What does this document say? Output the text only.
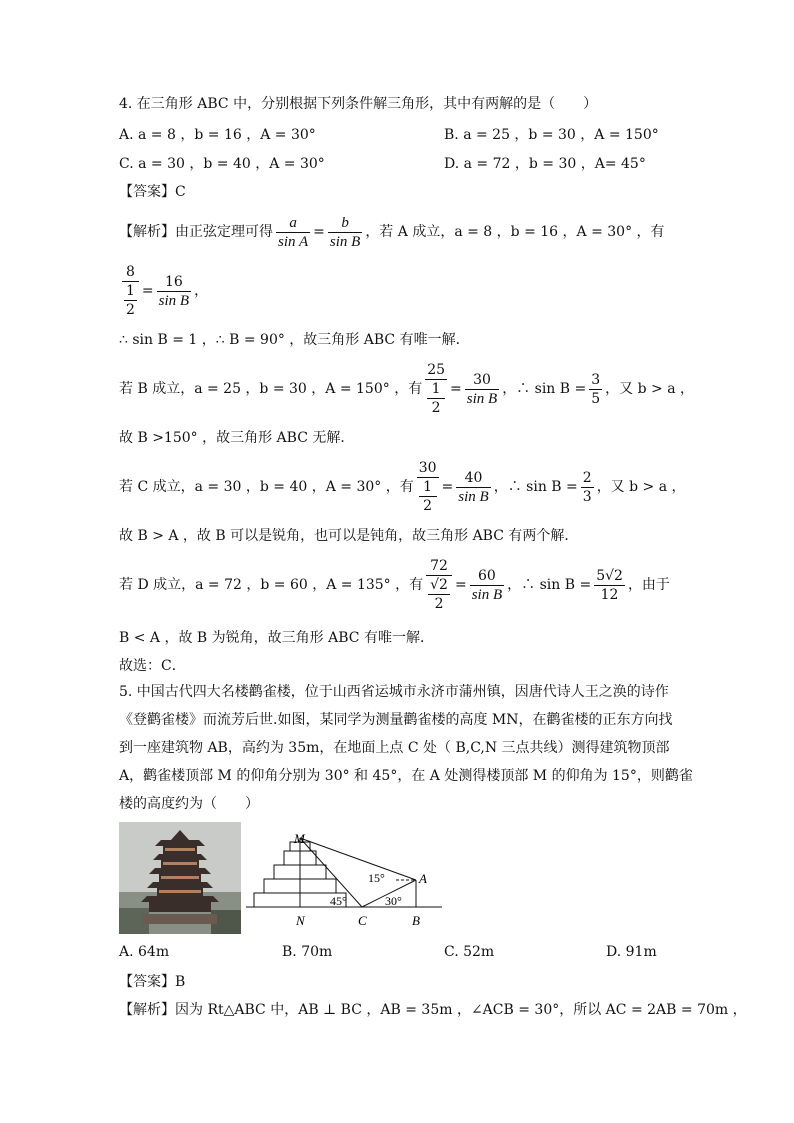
4. 在三角形 ABC 中，分别根据下列条件解三角形，其中有两解的是（　　）
A. a = 8 ，b = 16 ，A = 30°	B. a = 25 ，b = 30 ，A = 150°
C. a = 30 ，b = 40 ，A = 30°	D. a = 72 ，b = 30 ，A= 45°
【答案】C
【解析】 由正弦定理可得 $\frac{a}{\text{sin A}} = \frac{b}{\text{sin B}}$ ，若 A 成立，a = 8 ，b = 16 ，A = 30° ，有
8
1
$2 = \frac{16}{\text{sin B}}$ ，
∴ sin B = 1 ，∴ B = 90° ，故三角形 ABC 有唯一解．
若 B 成立，a = 25 ，b = 30 ，A = 150° ，有 25
1
$2 = \frac{30}{\text{sin B}}$ ，∴ $\sin B = \frac{3}{5}$ ，又 b > a ，
故 B >150° ，故三角形 ABC 无解．
若 C 成立，a = 30 ，b = 40 ，A = 30° ，有 30
1
$2 = \frac{40}{\text{sin B}}$ ，∴ $\sin B = \frac{2}{3}$ ，又 b > a ，
故 B > A ，故 B 可以是锐角，也可以是钝角，故三角形 ABC 有两个解．
若 D 成立，a = 72 ，b = 60 ，A = 135° ，有 72
√2
$2 = \frac{60}{\text{sin B}}$ ，∴ $\sin B = \frac{5√2}{12}$ ，由于
B < A ，故 B 为锐角，故三角形 ABC 有唯一解．
故选：C．
5. 中国古代四大名楼鹳雀楼，位于山西省运城市永济市蒲州镇，因唐代诗人王之涣的诗作
《登鹳雀楼》而流芳后世.如图，某同学为测量鹳雀楼的高度 MN，在鹳雀楼的正东方向找
到一座建筑物 AB，高约为 35m，在地面上点 C 处（ B,C,N 三点共线）测得建筑物顶部
A，鹳雀楼顶部 M 的仰角分别为 30° 和 45°，在 A 处测得楼顶部 M 的仰角为 15°，则鹳雀
楼的高度约为（　　）
M
A
N	C	B
15°
45°	30°
A. 64m	B. 70m	C. 52m	D. 91m
【答案】B
【解析】因为 Rt△ABC 中，AB ⊥ BC ，AB = 35m ，∠ACB = 30°，所以 AC = 2AB = 70m ，
